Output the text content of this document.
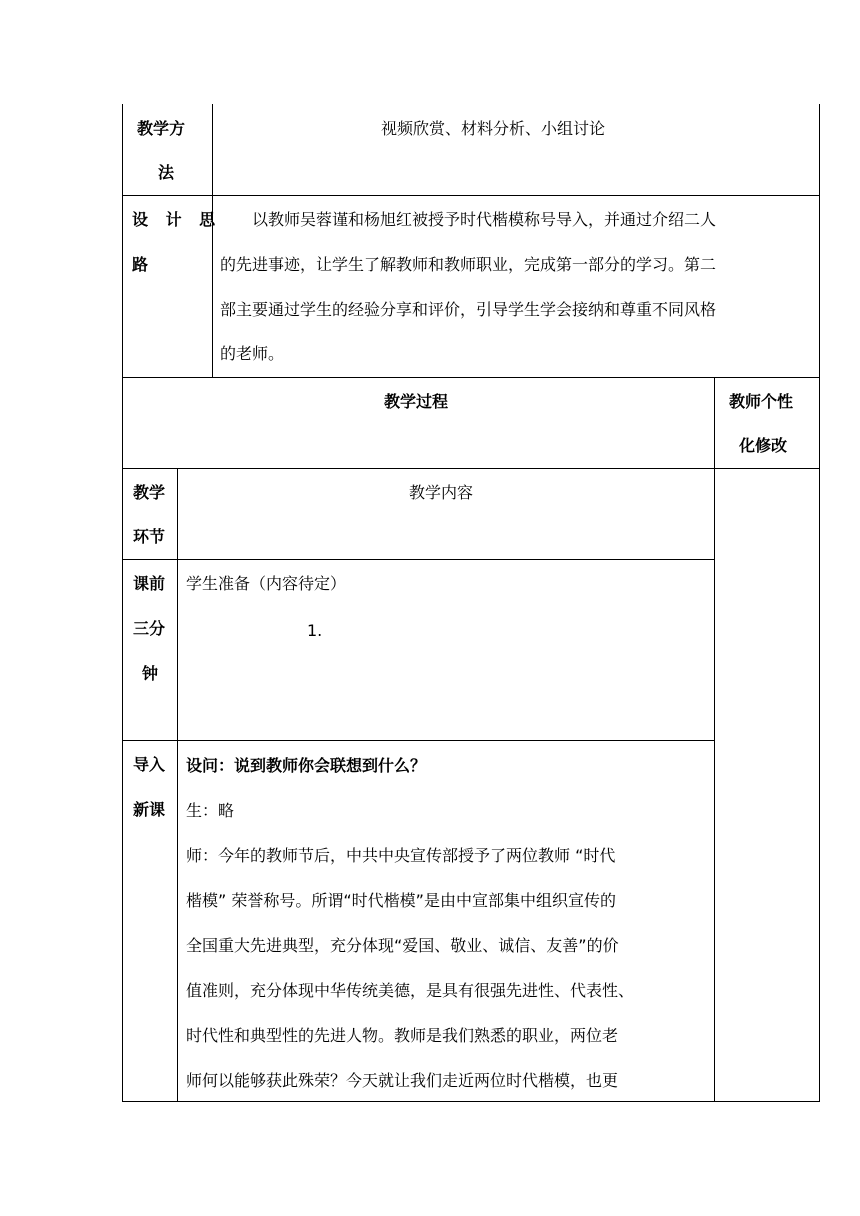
教学方
法
视频欣赏、材料分析、小组讨论
设 计 思
路
以教师吴蓉谨和杨旭红被授予时代楷模称号导入，并通过介绍二人
的先进事迹，让学生了解教师和教师职业，完成第一部分的学习。第二
部主要通过学生的经验分享和评价，引导学生学会接纳和尊重不同风格
的老师。
教学过程	教师个性
化修改
教学
环节
教学内容
课前
三分
钟
学生准备（内容待定）
1.
导入
新课
设问：说到教师你会联想到什么？
生：略
师：今年的教师节后，中共中央宣传部授予了两位教师 “时代
楷模” 荣誉称号。所谓“时代楷模”是由中宣部集中组织宣传的
全国重大先进典型，充分体现“爱国、敬业、诚信、友善”的价
值准则，充分体现中华传统美德，是具有很强先进性、代表性、
时代性和典型性的先进人物。教师是我们熟悉的职业，两位老
师何以能够获此殊荣？今天就让我们走近两位时代楷模，也更
